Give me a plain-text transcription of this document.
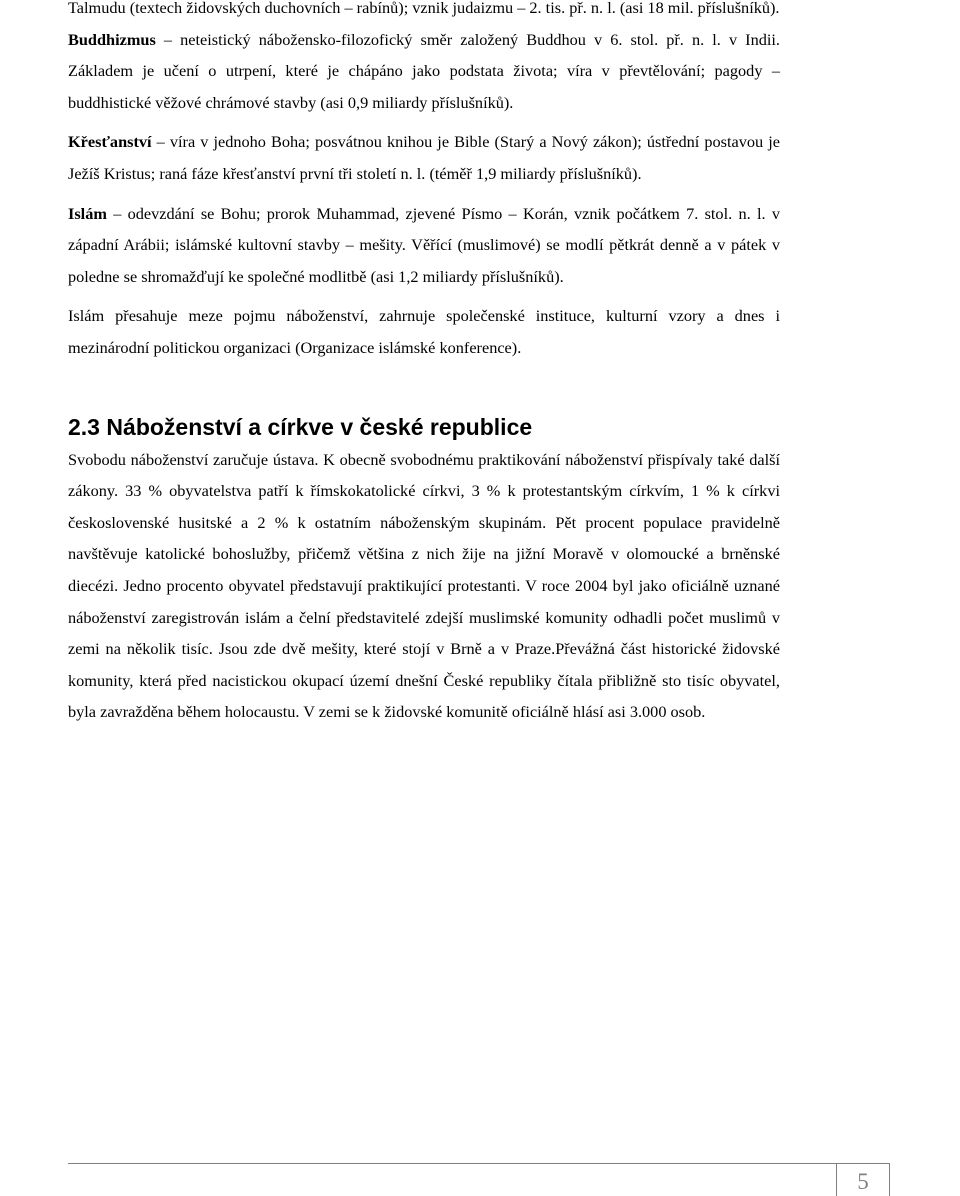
Talmudu (textech židovských duchovních – rabínů); vznik judaizmu – 2. tis. př. n. l. (asi 18 mil. příslušníků).

Buddhizmus – neteistický nábožensko-filozofický směr založený Buddhou v 6. stol. př. n. l. v Indii. Základem je učení o utrpení, které je chápáno jako podstata života; víra v převtělování; pagody – buddhistické věžové chrámové stavby (asi 0,9 miliardy příslušníků).

Křesťanství – víra v jednoho Boha; posvátnou knihou je Bible (Starý a Nový zákon); ústřední postavou je Ježíš Kristus; raná fáze křesťanství první tři století n. l. (téměř 1,9 miliardy příslušníků).

Islám – odevzdání se Bohu; prorok Muhammad, zjevené Písmo – Korán, vznik počátkem 7. stol. n. l. v západní Arábii; islámské kultovní stavby – mešity. Věřící (muslimové) se modlí pětkrát denně a v pátek v poledne se shromažďují ke společné modlitbě (asi 1,2 miliardy příslušníků).

Islám přesahuje meze pojmu náboženství, zahrnuje společenské instituce, kulturní vzory a dnes i mezinárodní politickou organizaci (Organizace islámské konference).

2.3 Náboženství a církve v české republice

Svobodu náboženství zaručuje ústava. K obecně svobodnému praktikování náboženství přispívaly také další zákony. 33 % obyvatelstva patří k římskokatolické církvi, 3 % k protestantským církvím, 1 % k církvi československé husitské a 2 % k ostatním náboženským skupinám. Pět procent populace pravidelně navštěvuje katolické bohoslužby, přičemž většina z nich žije na jižní Moravě v olomoucké a brněnské diecézi. Jedno procento obyvatel představují praktikující protestanti. V roce 2004 byl jako oficiálně uznané náboženství zaregistrován islám a čelní představitelé zdejší muslimské komunity odhadli počet muslimů v zemi na několik tisíc. Jsou zde dvě mešity, které stojí v Brně a v Praze.Převážná část historické židovské komunity, která před nacistickou okupací území dnešní České republiky čítala přibližně sto tisíc obyvatel, byla zavražděna během holocaustu. V zemi se k židovské komunitě oficiálně hlásí asi 3.000 osob.

5
